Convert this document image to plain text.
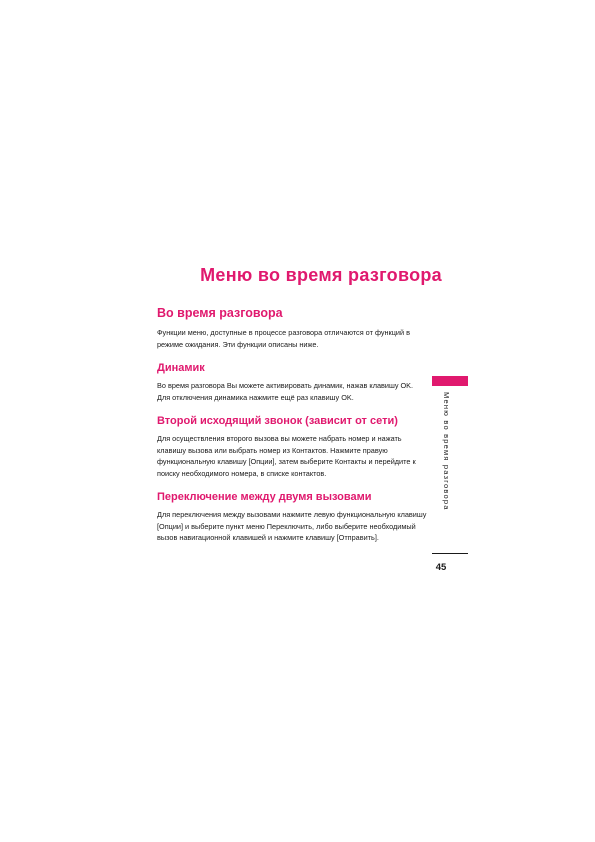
Меню во время разговора
Во время разговора

Функции меню, доступные в процессе разговора отличаются от функций в режиме ожидания. Эти функции описаны ниже.

Динамик

Во время разговора Вы можете активировать динамик, нажав клавишу OK. Для отключения динамика нажмите ещё раз клавишу OK.

Второй исходящий звонок (зависит от сети)

Для осуществления второго вызова вы можете набрать номер и нажать клавишу вызова или выбрать номер из Контактов. Нажмите правую функциональную клавишу [Опции], затем выберите Контакты и перейдите к поиску необходимого номера, в списке контактов.

Переключение между двумя вызовами

Для переключения между вызовами нажмите левую функциональную клавишу [Опции] и выберите пункт меню Переключить, либо выберите необходимый вызов навигационной клавишей и нажмите клавишу [Отправить].

Меню во время разговора
45
